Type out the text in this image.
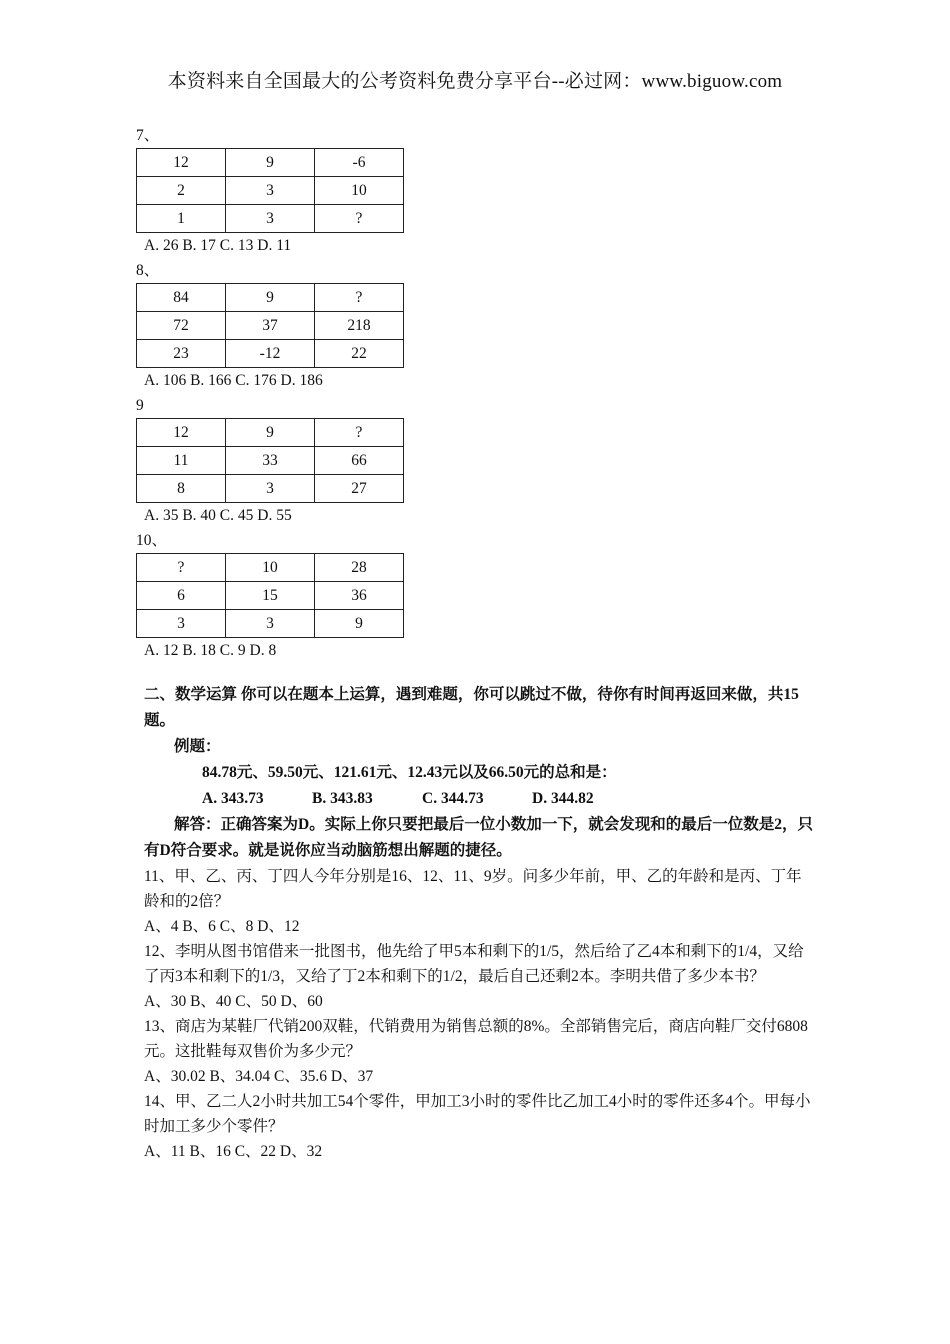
本资料来自全国最大的公考资料免费分享平台--必过网：www.biguow.com
7、
12	9	-6
2	3	10
1	3	?
A. 26 B. 17 C. 13 D. 11
8、
84	9	?
72	37	218
23	-12	22
A. 106 B. 166 C. 176 D. 186
9
12	9	?
11	33	66
8	3	27
A. 35 B. 40 C. 45 D. 55
10、
?	10	28
6	15	36
3	3	9
A. 12 B. 18 C. 9 D. 8
二、数学运算 你可以在题本上运算，遇到难题，你可以跳过不做，待你有时间再返回来做，共15题。
例题：
84.78元、59.50元、121.61元、12.43元以及66.50元的总和是：
A. 343.73	B. 343.83	C. 344.73	D. 344.82
解答：正确答案为D。实际上你只要把最后一位小数加一下，就会发现和的最后一位数是2，只有D符合要求。就是说你应当动脑筋想出解题的捷径。
11、甲、乙、丙、丁四人今年分别是16、12、11、9岁。问多少年前，甲、乙的年龄和是丙、丁年龄和的2倍？
A、4 B、6 C、8 D、12
12、李明从图书馆借来一批图书，他先给了甲5本和剩下的1/5，然后给了乙4本和剩下的1/4，又给了丙3本和剩下的1/3，又给了丁2本和剩下的1/2，最后自己还剩2本。李明共借了多少本书？
A、30 B、40 C、50 D、60
13、商店为某鞋厂代销200双鞋，代销费用为销售总额的8%。全部销售完后，商店向鞋厂交付6808元。这批鞋每双售价为多少元？
A、30.02 B、34.04 C、35.6 D、37
14、甲、乙二人2小时共加工54个零件，甲加工3小时的零件比乙加工4小时的零件还多4个。甲每小时加工多少个零件？
A、11 B、16 C、22 D、32
